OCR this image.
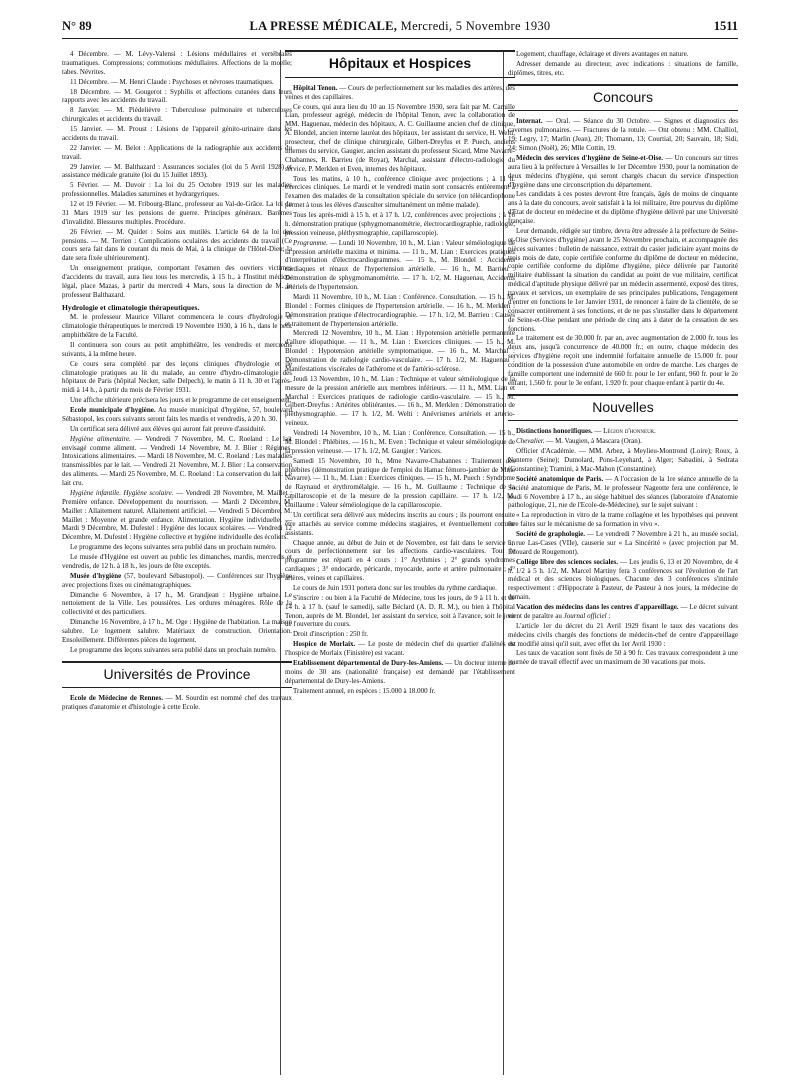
N° 89	LA PRESSE MÉDICALE, Mercredi, 5 Novembre 1930	1511

4 Décembre. — M. Lévy-Valensi : Lésions médullaires et vertébrales traumatiques. Compressions; commotions médullaires. Affections de la moelle; tabes. Névrites.

11 Décembre. — M. Henri Claude : Psychoses et névroses traumatiques.

18 Décembre. — M. Gougerot : Syphilis et affections cutanées dans leurs rapports avec les accidents du travail.

8 Janvier. — M. Piédelièvre : Tuberculose pulmonaire et tuberculoses chirurgicales et accidents du travail.

15 Janvier. — M. Proust : Lésions de l'appareil génito-urinaire dans les accidents du travail.

22 Janvier. — M. Belot : Applications de la radiographie aux accidents du travail.

29 Janvier. — M. Balthazard : Assurances sociales (loi du 5 Avril 1928) et assistance médicale gratuite (loi du 15 Juillet 1893).

5 Février. — M. Duvoir : La loi du 25 Octobre 1919 sur les maladies professionnelles. Maladies saturnines et hydrargyriques.

12 et 19 Février. — M. Fribourg-Blanc, professeur au Val-de-Grâce. La loi du 31 Mars 1919 sur les pensions de guerre. Principes généraux. Barèmes d'invalidité. Blessures multiples. Procédure.

26 Février. — M. Quidet : Soins aux mutilés. L'article 64 de la loi des pensions. — M. Terrien : Complications oculaires des accidents du travail (Ce cours sera fait dans le courant du mois de Mai, à la clinique de l'Hôtel-Dieu; la date sera fixée ultérieurement).

Un enseignement pratique, comportant l'examen des ouvriers victimes d'accidents du travail, aura lieu tous les mercredis, à 15 h., à l'Institut médico-légal, place Mazas, à partir du mercredi 4 Mars, sous la direction de M. le professeur Balthazard.

Hydrologie et climatologie thérapeutiques.

M. le professeur Maurice Villaret commencera le cours d'hydrologie et climatologie thérapeutiques le mercredi 19 Novembre 1930, à 16 h., dans le petit amphithéâtre de la Faculté.

Il continuera son cours au petit amphithéâtre, les vendredis et mercredis suivants, à la même heure.

Ce cours sera complété par des leçons cliniques d'hydrologie et de climatologie pratiques au lit du malade, au centre d'hydro-climatologie des hôpitaux de Paris (hôpital Necker, salle Delpech), le matin à 11 h. 30 et l'après-midi à 14 h., à partir du mois de Février 1931.

Une affiche ultérieure précisera les jours et le programme de cet enseignement.

Ecole municipale d'hygiène. Au musée municipal d'hygiène, 57, boulevard Sébastopol, les cours suivants seront faits les mardis et vendredis, à 20 h. 30.

Un certificat sera délivré aux élèves qui auront fait preuve d'assiduité.

Hygiène alimentaire. — Vendredi 7 Novembre, M. C. Roeland : Le lait envisagé comme aliment. — Vendredi 14 Novembre, M. J. Blier : Régimes. Intoxications alimentaires. — Mardi 18 Novembre, M. C. Roeland : Les maladies transmissibles par le lait. — Vendredi 21 Novembre, M. J. Blier : La conservation des aliments. — Mardi 25 Novembre, M. C. Roeland : La conservation du lait. Le lait cru.

Hygiène infantile. Hygiène scolaire. — Vendredi 28 Novembre, M. Maillet : Première enfance. Développement du nourrisson. — Mardi 2 Décembre, M. Maillet : Allaitement naturel. Allaitement artificiel. — Vendredi 5 Décembre, M. Maillet : Moyenne et grande enfance. Alimentation. Hygiène individuelle. — Mardi 9 Décembre, M. Dufestel : Hygiène des locaux scolaires. — Vendredi 12 Décembre, M. Dufestel : Hygiène collective et hygiène individuelle des écoliers.

Le programme des leçons suivantes sera publié dans un prochain numéro.

Le musée d'Hygiène est ouvert au public les dimanches, mardis, mercredis et vendredis, de 12 h. à 18 h., les jours de fête exceptés.

Musée d'hygiène (57, boulevard Sébastopol). — Conférences sur l'hygiène avec projections fixes ou cinématographiques.

Dimanche 6 Novembre, à 17 h., M. Grandjean : Hygiène urbaine. Le nettoiement de la Ville. Les poussières. Les ordures ménagères. Rôle de la collectivité et des particuliers.

Dimanche 16 Novembre, à 17 h., M. Oge : Hygiène de l'habitation. La maison salubre. Le logement salubre. Matériaux de construction. Orientation. Ensoleillement. Différentes pièces du logement.

Le programme des leçons suivantes sera publié dans un prochain numéro.

Universités de Province

Ecole de Médecine de Rennes. — M. Sourdin est nommé chef des travaux pratiques d'anatomie et d'histologie à cette Ecole.

Hôpitaux et Hospices

Hôpital Tenon. — Cours de perfectionnement sur les maladies des artères, des veines et des capillaires.

Ce cours, qui aura lieu du 10 au 15 Novembre 1930, sera fait par M. Camille Lian, professeur agrégé, médecin de l'hôpital Tenon, avec la collaboration de MM. Haguenau, médecin des hôpitaux, A. C. Guillaume ancien chef de clinique, A. Blondel, ancien interne lauréat des hôpitaux, 1er assistant du service, H. Welti, prosecteur, chef de clinique chirurgicale, Gilbert-Dreyfus et P. Puech, anciens internes du service, Gaugier, ancien assistant du professeur Sicard, Mme Navarre-Chabannes, R. Barrieu (de Royat), Marchal, assistant d'électro-radiologie du service, P. Merklen et Even, internes des hôpitaux.

Tous les matins, à 10 h., conférence clinique avec projections ; à 11 h. exercices cliniques. Le mardi et le vendredi matin sont consacrés entièrement à l'examen des malades de la consultation spéciale du service (on télécardiophone permet à tous les élèves d'ausculter simultanément un même malade).

Tous les après-midi à 15 h. et à 17 h. 1/2, conférences avec projections ; à 16 h. démonstration pratique (sphygmomanométrie, électrocardiographie, radiologie, pression veineuse, pléthysmographie, capillaroscopie).

Programme. — Lundi 10 Novembre, 10 h., M. Lian : Valeur séméiologique de la pression artérielle maxima et minima. — 11 h., M. Lian : Exercices pratiques d'interprétation d'électrocardiogrammes. — 15 h., M. Blondel : Accidents cardiaques et rénaux de l'hypertension artérielle. — 16 h., M. Barrieu : Démonstration de sphygmomanométrie. — 17 h. 1/2, M. Haguenau, Accidents artériels de l'hypertension.

Mardi 11 Novembre, 10 h., M. Lian : Conférence. Consultation. — 15 h., M. Blondel : Formes cliniques de l'hypertension artérielle. — 16 h., M. Merklen : Démonstration pratique d'électrocardiographie. — 17 h. 1/2, M. Barrieu : Causes et traitement de l'hypertension artérielle.

Mercredi 12 Novembre, 10 h., M. Lian : Hypotension artérielle permanente d'allure idiopathique. — 11 h., M. Lian : Exercices cliniques. — 15 h., M. Blondel : Hypotension artérielle symptomatique. — 16 h., M. Marchal : Démonstration de radiologie cardio-vasculaire. — 17 h. 1/2, M. Haguenau : Manifestations viscérales de l'athérome et de l'artério-sclérose.

Jeudi 13 Novembre, 10 h., M. Lian : Technique et valeur séméiologique de la mesure de la pression artérielle aux membres inférieurs. — 11 h., MM. Lian et Marchal : Exercices pratiques de radiologie cardio-vasculaire. — 15 h., M. Gilbert-Dreyfus : Artérites oblitérantes. — 16 h., M. Merklen : Démonstration de pléthysmographie. — 17 h. 1/2, M. Welti : Anévrismes artériels et artério-veineux.

Vendredi 14 Novembre, 10 h., M. Lian : Conférence. Consultation. — 15 h., M. Blondel : Phlébites. — 16 h., M. Even : Technique et valeur séméiologique de la pression veineuse. — 17 h. 1/2, M. Gaugier : Varices.

Samedi 15 Novembre, 10 h., Mme Navarre-Chabannes : Traitement des phlébites (démonstration pratique de l'emploi du Hamac fémoro-jambier de Mme Navarre). — 11 h., M. Lian : Exercices cliniques. — 15 h., M. Puech : Syndrome de Raynaud et érythromélalgie. — 16 h., M. Guillaume : Technique de la capillaroscopie et de la mesure de la pression capillaire. — 17 h. 1/2, M. Guillaume : Valeur séméiologique de la capillaroscopie.

Un certificat sera délivré aux médecins inscrits au cours ; ils pourront ensuite être attachés au service comme médecins stagiaires, et éventuellement comme assistants.

Chaque année, au début de Juin et de Novembre, est fait dans le service un cours de perfectionnement sur les affections cardio-vasculaires. Tout le programme est réparti en 4 cours : 1° Arythmies ; 2° grands syndromes cardiaques ; 3° endocarde, péricarde, myocarde, aorte et artère pulmonaire ; 4° artères, veines et capillaires.

Le cours de Juin 1931 portera donc sur les troubles du rythme cardiaque.

S'inscrire : ou bien à la Faculté de Médecine, tous les jours, de 9 à 11 h. et de 14 h. à 17 h. (sauf le samedi), salle Béclard (A. D. R. M.), ou bien à l'hôpital Tenon, auprès de M. Blondel, 1er assistant du service, soit à l'avance, soit le jour de l'ouverture du cours.

Droit d'inscription : 250 fr.

Hospice de Morlaix. — Le poste de médecin chef du quartier d'aliénés de l'hospice de Morlaix (Finistère) est vacant.

Etablissement départemental de Dury-les-Amiens. — Un docteur interne de moins de 30 ans (nationalité française) est demandé par l'établissement départemental de Dury-les-Amiens.

Traitement annuel, en espèces : 15.000 à 18.000 fr.

Logement, chauffage, éclairage et divers avantages en nature.

Adresser demande au directeur, avec indications : situations de famille, diplômes, titres, etc.

Concours

Internat. — Oral. — Séance du 30 Octobre. — Signes et diagnostics des cavernes pulmonaires. — Fractures de la rotule. — Ont obtenu : MM. Challiol, 19; Legry, 17; Marlin (Jean), 20; Thomann, 13; Courtial, 20; Sauvain, 18; Sidi, 24; Simon (Noël), 26; Mlle Cottin, 19.

Médecin des services d'hygiène de Seine-et-Oise. — Un concours sur titres aura lieu à la préfecture à Versailles le 1er Décembre 1930, pour la nomination de deux médecins d'hygiène, qui seront chargés chacun du service d'inspection d'hygiène dans une circonscription du département.

Les candidats à ces postes devront être français, âgés de moins de cinquante ans à la date du concours, avoir satisfait à la loi militaire, être pourvus du diplôme d'Etat de docteur en médecine et du diplôme d'hygiène délivré par une Université française.

Leur demande, rédigée sur timbre, devra être adressée à la préfecture de Seine-et-Oise (Services d'hygiène) avant le 25 Novembre prochain, et accompagnée des pièces suivantes : bulletin de naissance, extrait du casier judiciaire ayant moins de trois mois de date, copie certifiée conforme du diplôme de docteur en médecine, copie certifiée conforme du diplôme d'hygiène, pièce délivrée par l'autorité militaire établissant la situation du candidat au point de vue militaire, certificat médical d'aptitude physique délivré par un médecin assermenté, exposé des titres, travaux et services, un exemplaire de ses principales publications, l'engagement d'entrer en fonctions le 1er Janvier 1931, de renoncer à faire de la clientèle, de se consacrer entièrement à ses fonctions, et de ne pas s'installer dans le département de Seine-et-Oise pendant une période de cinq ans à dater de la cessation de ses fonctions.

Le traitement est de 30.000 fr. par an, avec augmentation de 2.000 fr. tous les deux ans, jusqu'à concurrence de 40.000 fr.; en outre, chaque médecin des services d'hygiène reçoit une indemnité forfaitaire annuelle de 15.000 fr. pour condition de la possession d'une automobile en ordre de marche. Les charges de famille comportent une indemnité de 660 fr. pour le 1er enfant, 960 fr. pour le 2e enfant, 1.560 fr. pour le 3e enfant, 1.920 fr. pour chaque enfant à partir du 4e.

Nouvelles

Distinctions honorifiques. — Légion d'honneur.

Chevalier. — M. Vaugien, à Mascara (Oran).

Officier d'Académie. — MM. Arbez, à Meylieu-Montrond (Loire); Roux, à Nanterre (Seine); Dumolard, Pons-Leyehard, à Alger; Sabadini, à Sedrata (Constantine); Tramini, à Mac-Mahon (Constantine).

Société anatomique de Paris. — A l'occasion de la 1re séance annuelle de la Société anatomique de Paris, M. le professeur Nageotte fera une conférence, le jeudi 6 Novembre à 17 h., au siège habituel des séances (laboratoire d'Anatomie pathologique, 21, rue de l'Ecole-de-Médecine), sur le sujet suivant :

« La reproduction in vitro de la trame collagène et les hypothèses qui peuvent être faites sur le mécanisme de sa formation in vivo ».

Société de graphologie. — Le vendredi 7 Novembre à 21 h., au musée social, 5, rue Las-Cases (VIIe), causerie sur « La Sincérité » (avec projection par M. Edouard de Rougemont).

Collège libre des sciences sociales. — Les jeudis 6, 13 et 20 Novembre, de 4 h. 1/2 à 5 h. 1/2, M. Marcel Martiny fera 3 conférences sur l'évolution de l'art médical et des sciences biologiques. Chacune des 3 conférences s'intitule respectivement : d'Hippocrate à Pasteur, de Pasteur à nos jours, la médecine de demain.

Vacation des médecins dans les centres d'appareillage. — Le décret suivant vient de paraître au Journal officiel :

L'article 1er du décret du 21 Avril 1929 fixant le taux des vacations des médecins civils chargés des fonctions de médecin-chef de centre d'appareillage est modifié ainsi qu'il suit, avec effet du 1er Avril 1930 :

Les taux de vacation sont fixés de 50 à 90 fr. Ces travaux correspondent à une journée de travail effectif avec un maximum de 30 vacations par mois.
